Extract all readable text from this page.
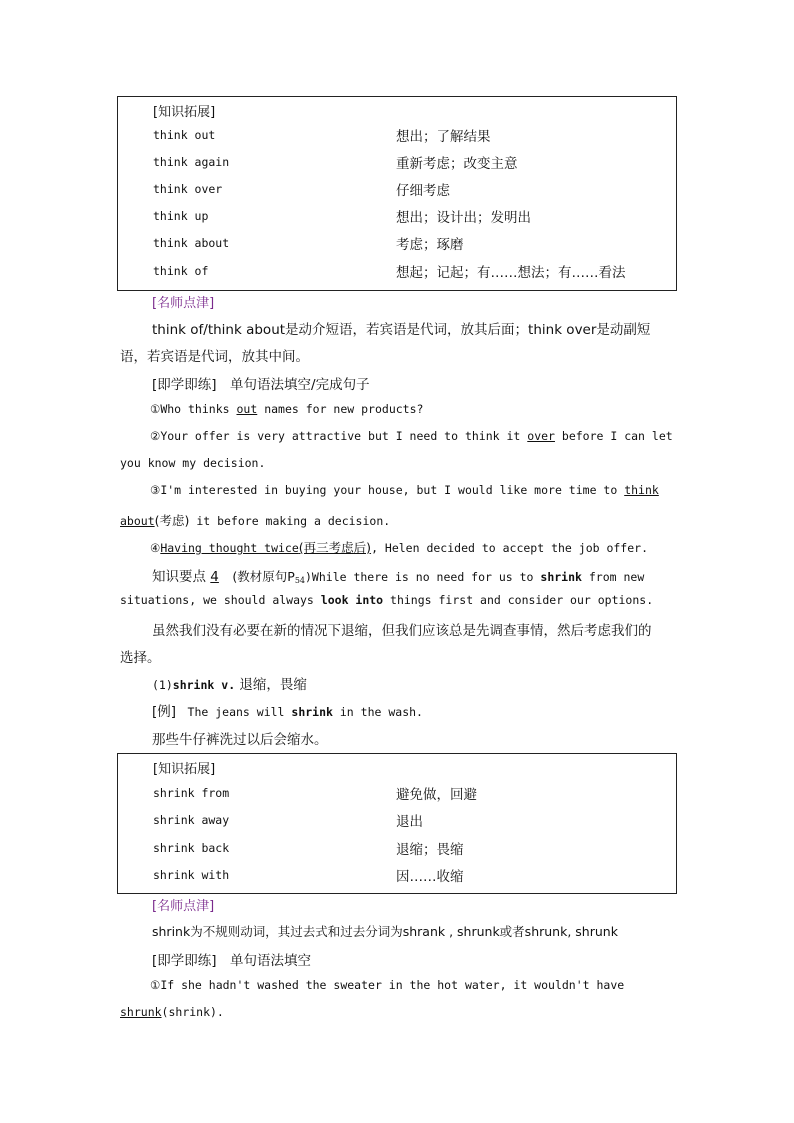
[知识拓展]
think out	想出；了解结果
think again	重新考虑；改变主意
think over	仔细考虑
think up	想出；设计出；发明出
think about	考虑；琢磨
think of	想起；记起；有……想法；有……看法
[名师点津]
think of/think about是动介短语，若宾语是代词，放其后面；think over是动副短
语，若宾语是代词，放其中间。
[即学即练]　单句语法填空/完成句子
①Who thinks out names for new products?
②Your offer is very attractive but I need to think it over before I can let
you know my decision.
③I'm interested in buying your house, but I would like more time to think
about(考虑) it before making a decision.
④Having thought twice(再三考虑后), Helen decided to accept the job offer.
知识要点 4　 (教材原句$P_{54})While$ there is no need for us to shrink from new
situations, we should always look into things first and consider our options.
虽然我们没有必要在新的情况下退缩，但我们应该总是先调查事情，然后考虑我们的
选择。
(1)shrink v. 退缩，畏缩
[例]　 The jeans will shrink in the wash.
那些牛仔裤洗过以后会缩水。
[知识拓展]
shrink from	避免做，回避
shrink away	退出
shrink back	退缩；畏缩
shrink with	因……收缩
[名师点津]
shrink为不规则动词，其过去式和过去分词为shrank , shrunk或者shrunk, shrunk
[即学即练]　单句语法填空
①If she hadn't washed the sweater in the hot water, it wouldn't have
shrunk(shrink).
